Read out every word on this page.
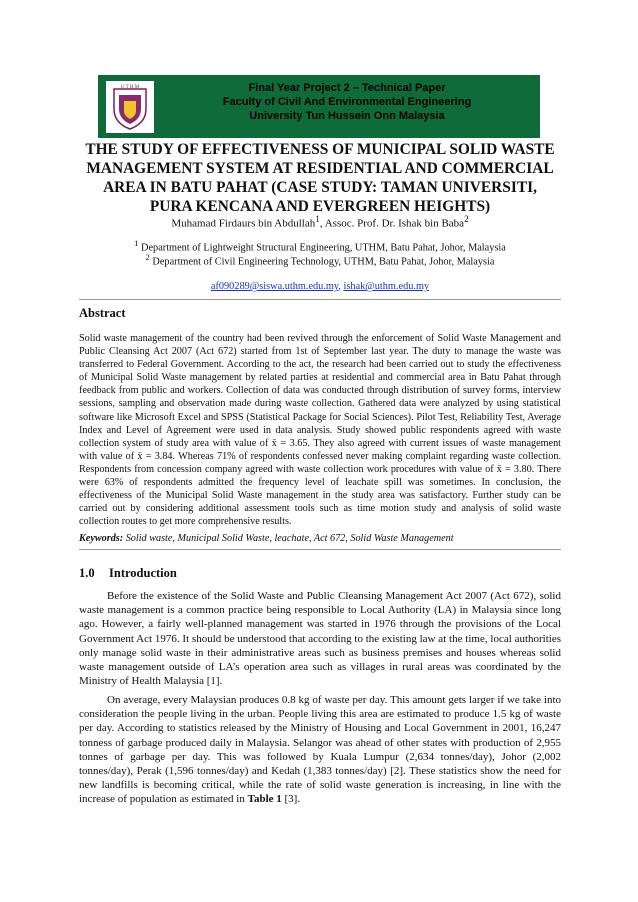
U T H M	Final Year Project 2 – Technical Paper
Faculty of Civil And Environmental Engineering
University Tun Hussein Onn Malaysia
THE STUDY OF EFFECTIVENESS OF MUNICIPAL SOLID WASTE MANAGEMENT SYSTEM AT RESIDENTIAL AND COMMERCIAL AREA IN BATU PAHAT (CASE STUDY: TAMAN UNIVERSITI, PURA KENCANA AND EVERGREEN HEIGHTS)
Muhamad Firdaurs bin Abdullah$^1$, Assoc. Prof. Dr. Ishak bin Baba$^2$
$^1$ Department of Lightweight Structural Engineering, UTHM, Batu Pahat, Johor, Malaysia
$^2$ Department of Civil Engineering Technology, UTHM, Batu Pahat, Johor, Malaysia
af090289@siswa.uthm.edu.my, ishak@uthm.edu.my
Abstract
Solid waste management of the country had been revived through the enforcement of Solid Waste Management and Public Cleansing Act 2007 (Act 672) started from 1st of September last year. The duty to manage the waste was transferred to Federal Government. According to the act, the research had been carried out to study the effectiveness of Municipal Solid Waste management by related parties at residential and commercial area in Batu Pahat through feedback from public and workers. Collection of data was conducted through distribution of survey forms, interview sessions, sampling and observation made during waste collection. Gathered data were analyzed by using statistical software like Microsoft Excel and SPSS (Statistical Package for Social Sciences). Pilot Test, Reliability Test, Average Index and Level of Agreement were used in data analysis. Study showed public respondents agreed with waste collection system of study area with value of x̄ = 3.65. They also agreed with current issues of waste management with value of x̄ = 3.84. Whereas 71% of respondents confessed never making complaint regarding waste collection. Respondents from concession company agreed with waste collection work procedures with value of x̄ = 3.80. There were 63% of respondents admitted the frequency level of leachate spill was sometimes. In conclusion, the effectiveness of the Municipal Solid Waste management in the study area was satisfactory. Further study can be carried out by considering additional assessment tools such as time motion study and analysis of solid waste collection routes to get more comprehensive results.
Keywords: Solid waste, Municipal Solid Waste, leachate, Act 672, Solid Waste Management
1.0 Introduction
Before the existence of the Solid Waste and Public Cleansing Management Act 2007 (Act 672), solid waste management is a common practice being responsible to Local Authority (LA) in Malaysia since long ago. However, a fairly well-planned management was started in 1976 through the provisions of the Local Government Act 1976. It should be understood that according to the existing law at the time, local authorities only manage solid waste in their administrative areas such as business premises and houses whereas solid waste management outside of LA’s operation area such as villages in rural areas was coordinated by the Ministry of Health Malaysia [1].
On average, every Malaysian produces 0.8 kg of waste per day. This amount gets larger if we take into consideration the people living in the urban. People living this area are estimated to produce 1.5 kg of waste per day. According to statistics released by the Ministry of Housing and Local Government in 2001, 16,247 tonness of garbage produced daily in Malaysia. Selangor was ahead of other states with production of 2,955 tonnes of garbage per day. This was followed by Kuala Lumpur (2,634 tonnes/day), Johor (2,002 tonnes/day), Perak (1,596 tonnes/day) and Kedah (1,383 tonnes/day) [2]. These statistics show the need for new landfills is becoming critical, while the rate of solid waste generation is increasing, in line with the increase of population as estimated in Table 1 [3].
